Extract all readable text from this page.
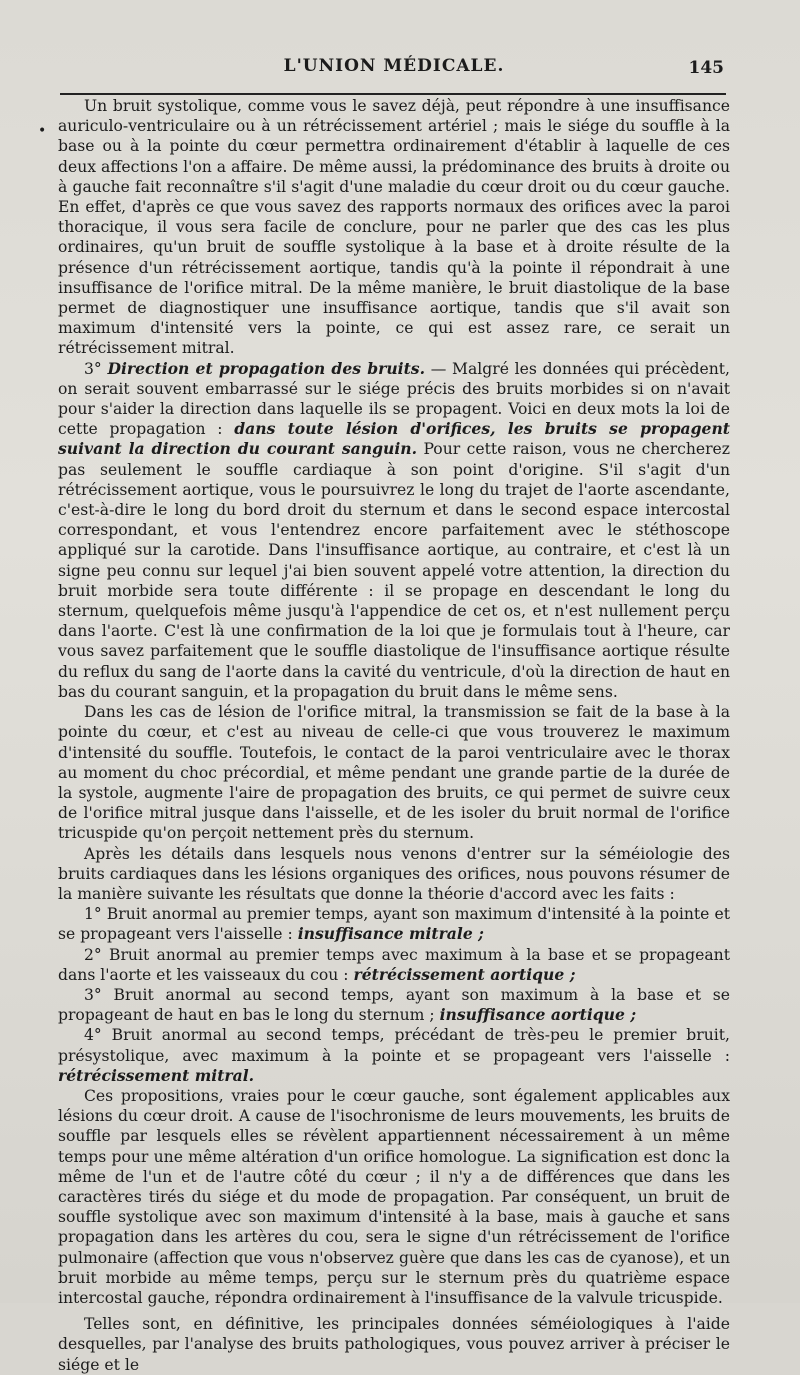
L'UNION MÉDICALE.	145
•

Un bruit systolique, comme vous le savez déjà, peut répondre à une insuffisance auriculo-ventriculaire ou à un rétrécissement artériel ; mais le siége du souffle à la base ou à la pointe du cœur permettra ordinairement d'établir à laquelle de ces deux affections l'on a affaire. De même aussi, la prédominance des bruits à droite ou à gauche fait reconnaître s'il s'agit d'une maladie du cœur droit ou du cœur gauche. En effet, d'après ce que vous savez des rapports normaux des orifices avec la paroi thoracique, il vous sera facile de conclure, pour ne parler que des cas les plus ordinaires, qu'un bruit de souffle systolique à la base et à droite résulte de la présence d'un rétrécissement aortique, tandis qu'à la pointe il répondrait à une insuffisance de l'orifice mitral. De la même manière, le bruit diastolique de la base permet de diagnostiquer une insuffisance aortique, tandis que s'il avait son maximum d'intensité vers la pointe, ce qui est assez rare, ce serait un rétrécissement mitral.

3° Direction et propagation des bruits. — Malgré les données qui précèdent, on serait souvent embarrassé sur le siége précis des bruits morbides si on n'avait pour s'aider la direction dans laquelle ils se propagent. Voici en deux mots la loi de cette propagation : dans toute lésion d'orifices, les bruits se propagent suivant la direction du courant sanguin. Pour cette raison, vous ne chercherez pas seulement le souffle cardiaque à son point d'origine. S'il s'agit d'un rétrécissement aortique, vous le poursuivrez le long du trajet de l'aorte ascendante, c'est-à-dire le long du bord droit du sternum et dans le second espace intercostal correspondant, et vous l'entendrez encore parfaitement avec le stéthoscope appliqué sur la carotide. Dans l'insuffisance aortique, au contraire, et c'est là un signe peu connu sur lequel j'ai bien souvent appelé votre attention, la direction du bruit morbide sera toute différente : il se propage en descendant le long du sternum, quelquefois même jusqu'à l'appendice de cet os, et n'est nullement perçu dans l'aorte. C'est là une confirmation de la loi que je formulais tout à l'heure, car vous savez parfaitement que le souffle diastolique de l'insuffisance aortique résulte du reflux du sang de l'aorte dans la cavité du ventricule, d'où la direction de haut en bas du courant sanguin, et la propagation du bruit dans le même sens.

Dans les cas de lésion de l'orifice mitral, la transmission se fait de la base à la pointe du cœur, et c'est au niveau de celle-ci que vous trouverez le maximum d'intensité du souffle. Toutefois, le contact de la paroi ventriculaire avec le thorax au moment du choc précordial, et même pendant une grande partie de la durée de la systole, augmente l'aire de propagation des bruits, ce qui permet de suivre ceux de l'orifice mitral jusque dans l'aisselle, et de les isoler du bruit normal de l'orifice tricuspide qu'on perçoit nettement près du sternum.

Après les détails dans lesquels nous venons d'entrer sur la séméiologie des bruits cardiaques dans les lésions organiques des orifices, nous pouvons résumer de la manière suivante les résultats que donne la théorie d'accord avec les faits :

1° Bruit anormal au premier temps, ayant son maximum d'intensité à la pointe et se propageant vers l'aisselle : insuffisance mitrale ;

2° Bruit anormal au premier temps avec maximum à la base et se propageant dans l'aorte et les vaisseaux du cou : rétrécissement aortique ;

3° Bruit anormal au second temps, ayant son maximum à la base et se propageant de haut en bas le long du sternum ; insuffisance aortique ;

4° Bruit anormal au second temps, précédant de très-peu le premier bruit, présystolique, avec maximum à la pointe et se propageant vers l'aisselle : rétrécissement mitral.

Ces propositions, vraies pour le cœur gauche, sont également applicables aux lésions du cœur droit. A cause de l'isochronisme de leurs mouvements, les bruits de souffle par lesquels elles se révèlent appartiennent nécessairement à un même temps pour une même altération d'un orifice homologue. La signification est donc la même de l'un et de l'autre côté du cœur ; il n'y a de différences que dans les caractères tirés du siége et du mode de propagation. Par conséquent, un bruit de souffle systolique avec son maximum d'intensité à la base, mais à gauche et sans propagation dans les artères du cou, sera le signe d'un rétrécissement de l'orifice pulmonaire (affection que vous n'observez guère que dans les cas de cyanose), et un bruit morbide au même temps, perçu sur le sternum près du quatrième espace intercostal gauche, répondra ordinairement à l'insuffisance de la valvule tricuspide.

Telles sont, en définitive, les principales données séméiologiques à l'aide desquelles, par l'analyse des bruits pathologiques, vous pouvez arriver à préciser le siége et le
